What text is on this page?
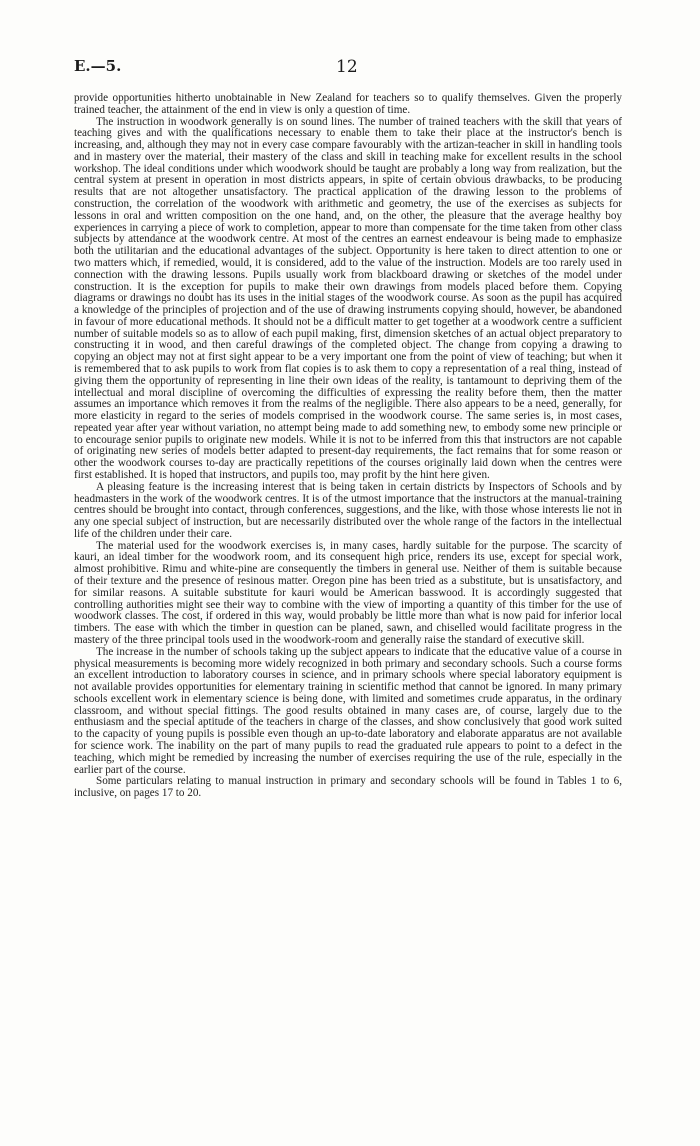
E.—5.	12

provide opportunities hitherto unobtainable in New Zealand for teachers so to qualify themselves. Given the properly trained teacher, the attainment of the end in view is only a question of time.

The instruction in woodwork generally is on sound lines. The number of trained teachers with the skill that years of teaching gives and with the qualifications necessary to enable them to take their place at the instructor's bench is increasing, and, although they may not in every case compare favourably with the artizan-teacher in skill in handling tools and in mastery over the material, their mastery of the class and skill in teaching make for excellent results in the school workshop. The ideal conditions under which woodwork should be taught are probably a long way from realization, but the central system at present in operation in most districts appears, in spite of certain obvious drawbacks, to be producing results that are not altogether unsatisfactory. The practical application of the drawing lesson to the problems of construction, the correlation of the woodwork with arithmetic and geometry, the use of the exercises as subjects for lessons in oral and written composition on the one hand, and, on the other, the pleasure that the average healthy boy experiences in carrying a piece of work to completion, appear to more than compensate for the time taken from other class subjects by attendance at the woodwork centre. At most of the centres an earnest endeavour is being made to emphasize both the utilitarian and the educational advantages of the subject. Opportunity is here taken to direct attention to one or two matters which, if remedied, would, it is considered, add to the value of the instruction. Models are too rarely used in connection with the drawing lessons. Pupils usually work from blackboard drawing or sketches of the model under construction. It is the exception for pupils to make their own drawings from models placed before them. Copying diagrams or drawings no doubt has its uses in the initial stages of the woodwork course. As soon as the pupil has acquired a knowledge of the principles of projection and of the use of drawing instruments copying should, however, be abandoned in favour of more educational methods. It should not be a difficult matter to get together at a woodwork centre a sufficient number of suitable models so as to allow of each pupil making, first, dimension sketches of an actual object preparatory to constructing it in wood, and then careful drawings of the completed object. The change from copying a drawing to copying an object may not at first sight appear to be a very important one from the point of view of teaching; but when it is remembered that to ask pupils to work from flat copies is to ask them to copy a representation of a real thing, instead of giving them the opportunity of representing in line their own ideas of the reality, is tantamount to depriving them of the intellectual and moral discipline of overcoming the difficulties of expressing the reality before them, then the matter assumes an importance which removes it from the realms of the negligible. There also appears to be a need, generally, for more elasticity in regard to the series of models comprised in the woodwork course. The same series is, in most cases, repeated year after year without variation, no attempt being made to add something new, to embody some new principle or to encourage senior pupils to originate new models. While it is not to be inferred from this that instructors are not capable of originating new series of models better adapted to present-day requirements, the fact remains that for some reason or other the woodwork courses to-day are practically repetitions of the courses originally laid down when the centres were first established. It is hoped that instructors, and pupils too, may profit by the hint here given.

A pleasing feature is the increasing interest that is being taken in certain districts by Inspectors of Schools and by headmasters in the work of the woodwork centres. It is of the utmost importance that the instructors at the manual-training centres should be brought into contact, through conferences, suggestions, and the like, with those whose interests lie not in any one special subject of instruction, but are necessarily distributed over the whole range of the factors in the intellectual life of the children under their care.

The material used for the woodwork exercises is, in many cases, hardly suitable for the purpose. The scarcity of kauri, an ideal timber for the woodwork room, and its consequent high price, renders its use, except for special work, almost prohibitive. Rimu and white-pine are consequently the timbers in general use. Neither of them is suitable because of their texture and the presence of resinous matter. Oregon pine has been tried as a substitute, but is unsatisfactory, and for similar reasons. A suitable substitute for kauri would be American basswood. It is accordingly suggested that controlling authorities might see their way to combine with the view of importing a quantity of this timber for the use of woodwork classes. The cost, if ordered in this way, would probably be little more than what is now paid for inferior local timbers. The ease with which the timber in question can be planed, sawn, and chiselled would facilitate progress in the mastery of the three principal tools used in the woodwork-room and generally raise the standard of executive skill.

The increase in the number of schools taking up the subject appears to indicate that the educative value of a course in physical measurements is becoming more widely recognized in both primary and secondary schools. Such a course forms an excellent introduction to laboratory courses in science, and in primary schools where special laboratory equipment is not available provides opportunities for elementary training in scientific method that cannot be ignored. In many primary schools excellent work in elementary science is being done, with limited and sometimes crude apparatus, in the ordinary classroom, and without special fittings. The good results obtained in many cases are, of course, largely due to the enthusiasm and the special aptitude of the teachers in charge of the classes, and show conclusively that good work suited to the capacity of young pupils is possible even though an up-to-date laboratory and elaborate apparatus are not available for science work. The inability on the part of many pupils to read the graduated rule appears to point to a defect in the teaching, which might be remedied by increasing the number of exercises requiring the use of the rule, especially in the earlier part of the course.

Some particulars relating to manual instruction in primary and secondary schools will be found in Tables 1 to 6, inclusive, on pages 17 to 20.
